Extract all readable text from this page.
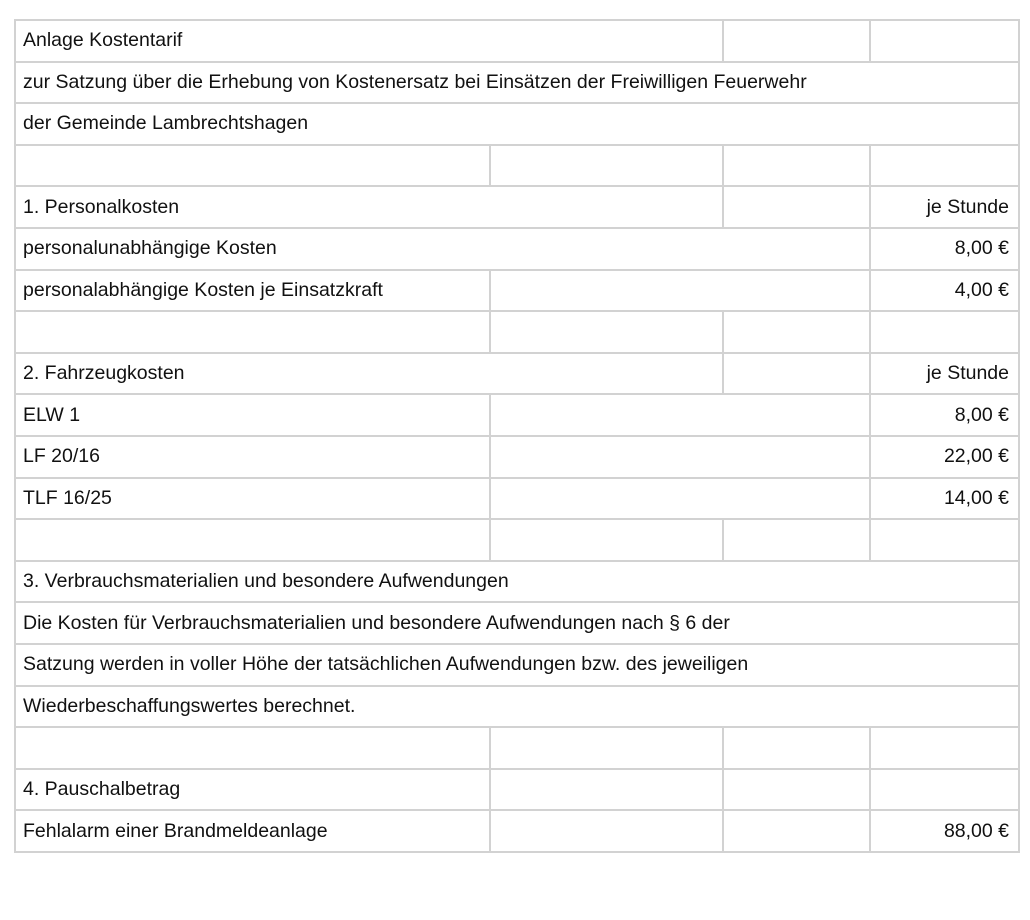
Anlage Kostentarif			
zur Satzung über die Erhebung von Kostenersatz bei Einsätzen der Freiwilligen Feuerwehr			
der Gemeinde Lambrechtshagen			

1. Personalkosten			je Stunde
personalunabhängige Kosten			8,00 €
personalabhängige Kosten je Einsatzkraft			4,00 €

2. Fahrzeugkosten			je Stunde
ELW 1			8,00 €
LF 20/16			22,00 €
TLF 16/25			14,00 €

3. Verbrauchsmaterialien und besondere Aufwendungen			
Die Kosten für Verbrauchsmaterialien und besondere Aufwendungen nach § 6 der			
Satzung werden in voller Höhe der tatsächlichen Aufwendungen bzw. des jeweiligen			
Wiederbeschaffungswertes berechnet.			

4. Pauschalbetrag			
Fehlalarm einer Brandmeldeanlage			88,00 €
